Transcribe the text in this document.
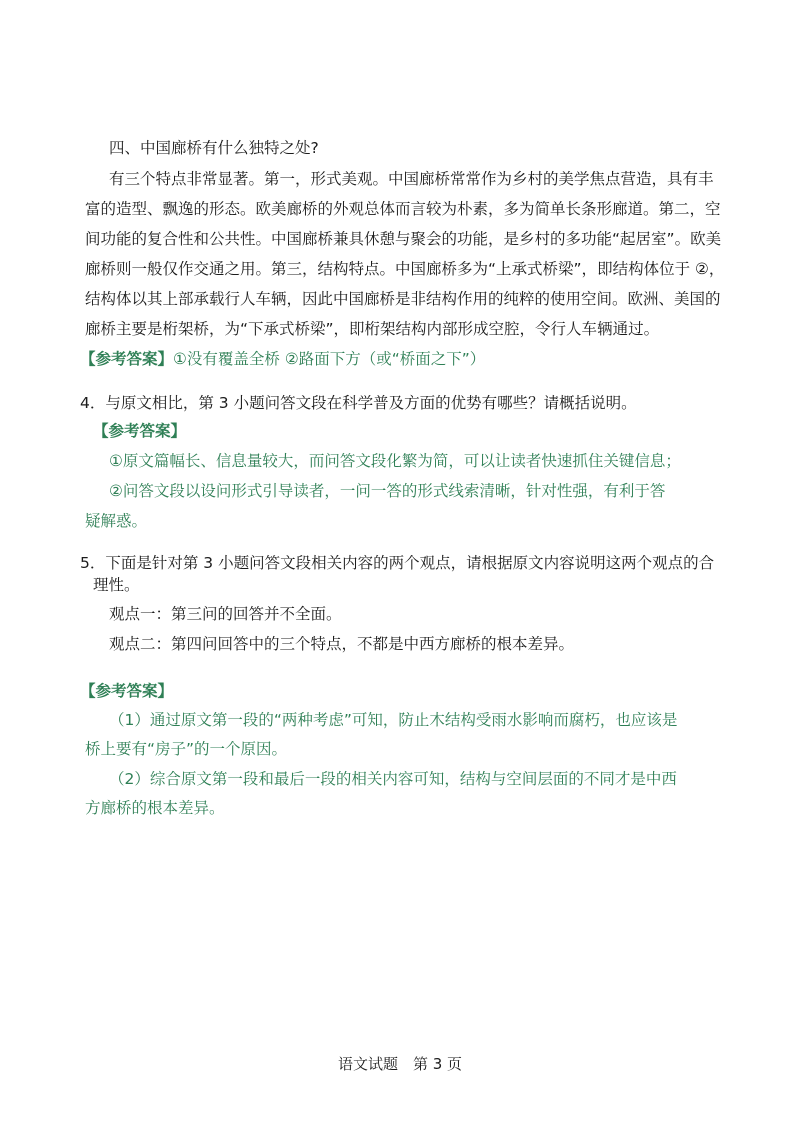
四、中国廊桥有什么独特之处?
有三个特点非常显著。第一，形式美观。中国廊桥常常作为乡村的美学焦点营造，具有丰
富的造型、飘逸的形态。欧美廊桥的外观总体而言较为朴素，多为简单长条形廊道。第二，空
间功能的复合性和公共性。中国廊桥兼具休憩与聚会的功能，是乡村的多功能“起居室”。欧美
廊桥则一般仅作交通之用。第三，结构特点。中国廊桥多为“上承式桥梁”，即结构体位于 ②，
结构体以其上部承载行人车辆，因此中国廊桥是非结构作用的纯粹的使用空间。欧洲、美国的
廊桥主要是桁架桥，为“下承式桥梁”，即桁架结构内部形成空腔，令行人车辆通过。
【参考答案】①没有覆盖全桥 ②路面下方（或“桥面之下”）
4．与原文相比，第 3 小题问答文段在科学普及方面的优势有哪些？请概括说明。
【参考答案】
①原文篇幅长、信息量较大，而问答文段化繁为简，可以让读者快速抓住关键信息；
②问答文段以设问形式引导读者，一问一答的形式线索清晰，针对性强，有利于答
疑解惑。
5．下面是针对第 3 小题问答文段相关内容的两个观点，请根据原文内容说明这两个观点的合
理性。
观点一：第三问的回答并不全面。
观点二：第四问回答中的三个特点，不都是中西方廊桥的根本差异。
【参考答案】
（1）通过原文第一段的“两种考虑”可知，防止木结构受雨水影响而腐朽，也应该是
桥上要有“房子”的一个原因。
（2）综合原文第一段和最后一段的相关内容可知，结构与空间层面的不同才是中西
方廊桥的根本差异。
语文试题　第 3 页
